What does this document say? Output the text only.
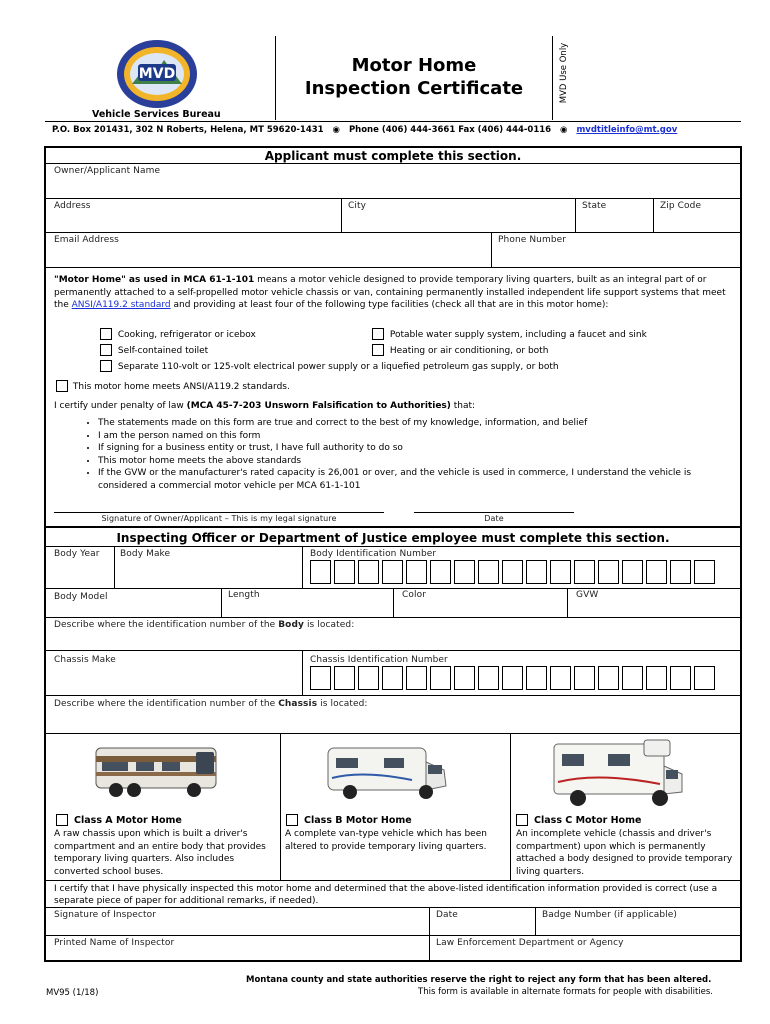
MVD
Vehicle Services Bureau
Motor Home
Inspection Certificate	MVD Use Only
P.O. Box 201431, 302 N Roberts, Helena, MT 59620-1431 ◉ Phone (406) 444-3661 Fax (406) 444-0116 ◉ mvdtitleinfo@mt.gov
Applicant must complete this section.
Owner/Applicant Name
Address	City	State	Zip Code
Email Address	Phone Number
"Motor Home" as used in MCA 61-1-101 means a motor vehicle designed to provide temporary living quarters, built as an integral part of or permanently attached to a self-propelled motor vehicle chassis or van, containing permanently installed independent life support systems that meet the ANSI/A119.2 standard and providing at least four of the following type facilities (check all that are in this motor home):
Cooking, refrigerator or icebox	Potable water supply system, including a faucet and sink
Self-contained toilet	Heating or air conditioning, or both
Separate 110-volt or 125-volt electrical power supply or a liquefied petroleum gas supply, or both
This motor home meets ANSI/A119.2 standards.
I certify under penalty of law (MCA 45-7-203 Unsworn Falsification to Authorities) that:
• The statements made on this form are true and correct to the best of my knowledge, information, and belief
• I am the person named on this form
• If signing for a business entity or trust, I have full authority to do so
• This motor home meets the above standards
• If the GVW or the manufacturer's rated capacity is 26,001 or over, and the vehicle is used in commerce, I understand the vehicle is considered a commercial motor vehicle per MCA 61-1-101
Signature of Owner/Applicant – This is my legal signature	Date
Inspecting Officer or Department of Justice employee must complete this section.
Body Year Body Make	Body Identification Number
Body Model	Length	Color	GVW
Describe where the identification number of the Body is located:
Chassis Make	Chassis Identification Number
Describe where the identification number of the Chassis is located:
Class A Motor Home
A raw chassis upon which is built a driver's compartment and an entire body that provides temporary living quarters. Also includes converted school buses.
Class B Motor Home
A complete van-type vehicle which has been altered to provide temporary living quarters.
Class C Motor Home
An incomplete vehicle (chassis and driver's compartment) upon which is permanently attached a body designed to provide temporary living quarters.
I certify that I have physically inspected this motor home and determined that the above-listed identification information provided is correct (use a separate piece of paper for additional remarks, if needed).
Signature of Inspector	Date	Badge Number (if applicable)
Printed Name of Inspector	Law Enforcement Department or Agency
Montana county and state authorities reserve the right to reject any form that has been altered.
MV95 (1/18)	This form is available in alternate formats for people with disabilities.
